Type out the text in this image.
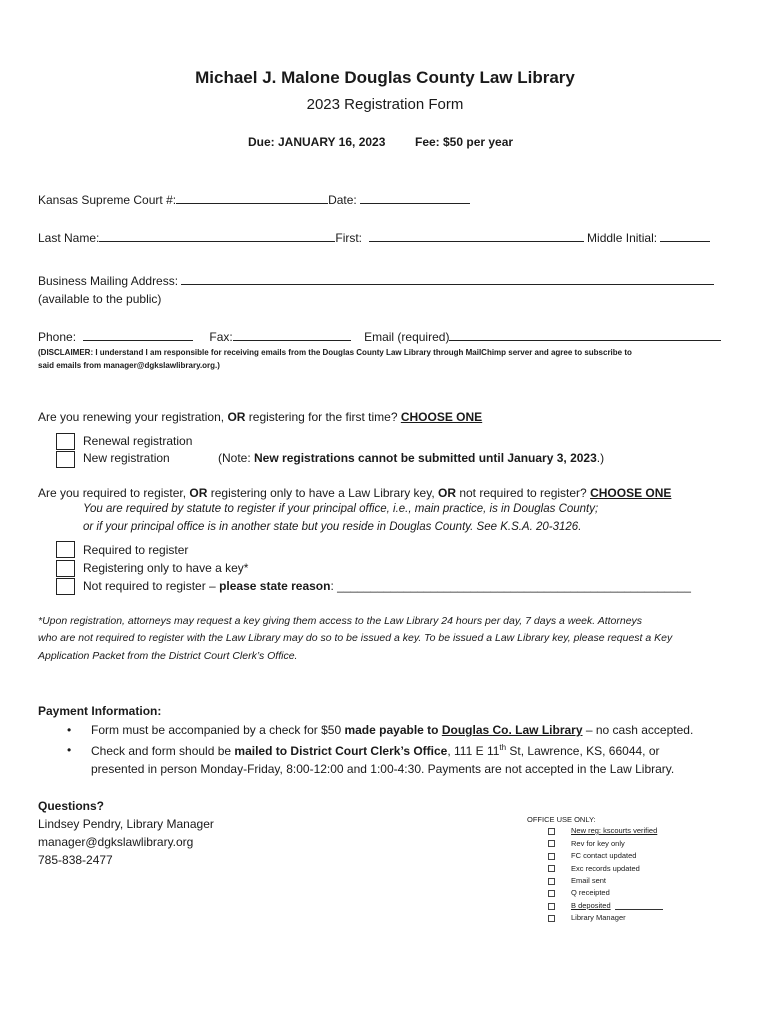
Michael J. Malone Douglas County Law Library
2023 Registration Form
Due: JANUARY 16, 2023 Fee: $50 per year
Kansas Supreme Court #:	Date:
Last Name:	First:	Middle Initial:
Business Mailing Address:
(available to the public)
Phone:	Fax:	Email (required)
(DISCLAIMER: I understand I am responsible for receiving emails from the Douglas County Law Library through MailChimp server and agree to subscribe to
said emails from manager@dgkslawlibrary.org.)
Are you renewing your registration, OR registering for the first time? CHOOSE ONE
Renewal registration
New registration	(Note: New registrations cannot be submitted until January 3, 2023.)
Are you required to register, OR registering only to have a Law Library key, OR not required to register? CHOOSE ONE
You are required by statute to register if your principal office, i.e., main practice, is in Douglas County;
or if your principal office is in another state but you reside in Douglas County. See K.S.A. 20-3126.
Required to register
Registering only to have a key*
Not required to register – please state reason: _____________________________________________________
*Upon registration, attorneys may request a key giving them access to the Law Library 24 hours per day, 7 days a week. Attorneys
who are not required to register with the Law Library may do so to be issued a key. To be issued a Law Library key, please request a Key
Application Packet from the District Court Clerk’s Office.
Payment Information:
• Form must be accompanied by a check for $50 made payable to Douglas Co. Law Library – no cash accepted.
• Check and form should be mailed to District Court Clerk’s Office, 111 E 11th St, Lawrence, KS, 66044, or
presented in person Monday-Friday, 8:00-12:00 and 1:00-4:30. Payments are not accepted in the Law Library.
Questions?
Lindsey Pendry, Library Manager
manager@dgkslawlibrary.org
785-838-2477
OFFICE USE ONLY:
New reg: kscourts verified
Rev for key only
FC contact updated
Exc records updated
Email sent
Q receipted
B deposited
Library Manager
